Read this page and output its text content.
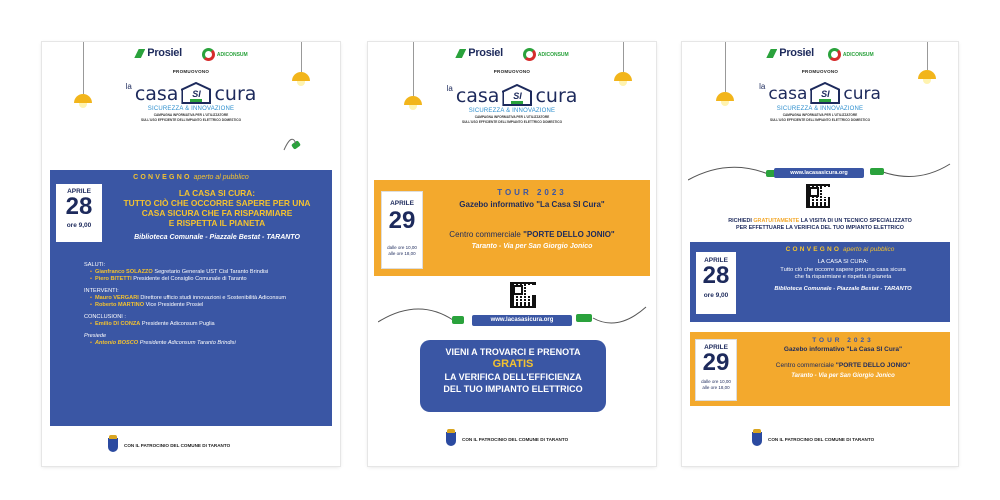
Prosiel	ADICONSUM
PROMUOVONO
la casa	SI cura
SICUREZZA & INNOVAZIONE
CAMPAGNA INFORMATIVA PER L'UTILIZZATORE
SULL'USO EFFICIENTE DELL'IMPIANTO ELETTRICO DOMESTICO
CONVEGNO aperto al pubblico
APRILE
28
ore 9,00
LA CASA SI CURA:
TUTTO CIÒ CHE OCCORRE SAPERE PER UNA
CASA SICURA CHE FA RISPARMIARE
E RISPETTA IL PIANETA
Biblioteca Comunale - Piazzale Bestat - TARANTO
SALUTI:
• Gianfranco SOLAZZO Segretario Generale UST Cisl Taranto Brindisi
• Piero BITETTI Presidente del Consiglio Comunale di Taranto
INTERVENTI:
• Mauro VERGARI Direttore ufficio studi innovazioni e Sostenibilità Adiconsum
• Roberto MARTINO Vice Presidente Prosiel
CONCLUSIONI :
• Emilio DI CONZA Presidente Adiconsum Puglia
Presiede
• Antonio BOSCO Presidente Adiconsum Taranto Brindisi
CON IL PATROCINIO DEL COMUNE DI TARANTO
Prosiel	ADICONSUM
PROMUOVONO
la casa	SI cura
SICUREZZA & INNOVAZIONE
CAMPAGNA INFORMATIVA PER L'UTILIZZATORE
SULL'USO EFFICIENTE DELL'IMPIANTO ELETTRICO DOMESTICO
TOUR 2023
Gazebo informativo "La Casa SI Cura"
Centro commerciale "PORTE DELLO JONIO"
Taranto - Via per San Giorgio Jonico
APRILE
29
dalle ore 10,00
alle ore 18,00
www.lacasasicura.org
VIENI A TROVARCI E PRENOTA
GRATIS
LA VERIFICA DELL'EFFICIENZA
DEL TUO IMPIANTO ELETTRICO
CON IL PATROCINIO DEL COMUNE DI TARANTO
Prosiel	ADICONSUM
PROMUOVONO
la casa	SI cura
SICUREZZA & INNOVAZIONE
CAMPAGNA INFORMATIVA PER L'UTILIZZATORE
SULL'USO EFFICIENTE DELL'IMPIANTO ELETTRICO DOMESTICO
www.lacasasicura.org
RICHIEDI GRATUITAMENTE LA VISITA DI UN TECNICO SPECIALIZZATO
PER EFFETTUARE LA VERIFICA DEL TUO IMPIANTO ELETTRICO
CONVEGNO aperto al pubblico
APRILE
28
ore 9,00
LA CASA SI CURA:
Tutto ciò che occorre sapere per una casa sicura
che fa risparmiare e rispetta il pianeta
Biblioteca Comunale - Piazzale Bestat - TARANTO
TOUR 2023
Gazebo informativo "La Casa SI Cura"
Centro commerciale "PORTE DELLO JONIO"
Taranto - Via per San Giorgio Jonico
APRILE
29
dalle ore 10,00
alle ore 18,00
CON IL PATROCINIO DEL COMUNE DI TARANTO
